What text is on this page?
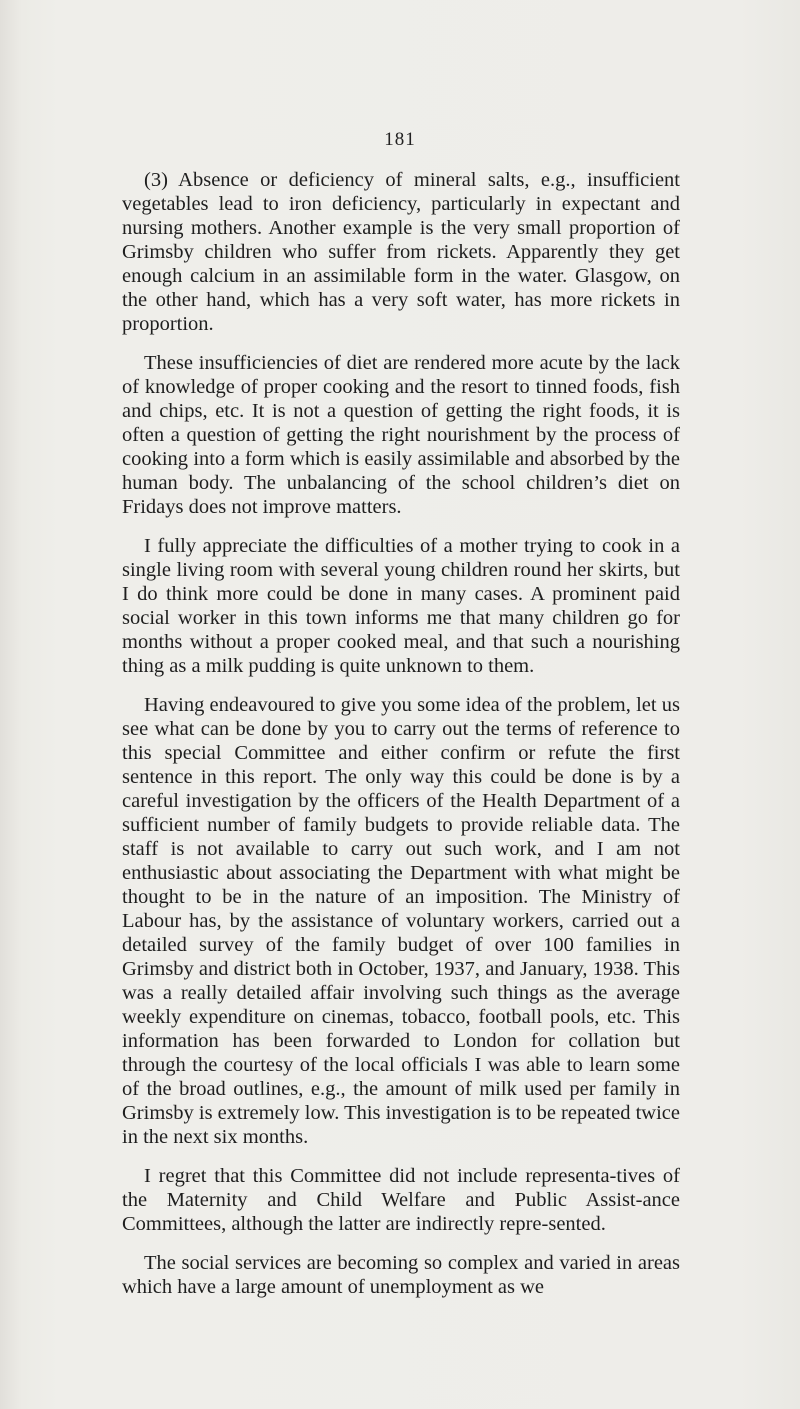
181

(3) Absence or deficiency of mineral salts, e.g., insufficient vegetables lead to iron deficiency, particularly in expectant and nursing mothers. Another example is the very small proportion of Grimsby children who suffer from rickets. Apparently they get enough calcium in an assimilable form in the water. Glasgow, on the other hand, which has a very soft water, has more rickets in proportion.

These insufficiencies of diet are rendered more acute by the lack of knowledge of proper cooking and the resort to tinned foods, fish and chips, etc. It is not a question of getting the right foods, it is often a question of getting the right nourishment by the process of cooking into a form which is easily assimilable and absorbed by the human body. The unbalancing of the school children’s diet on Fridays does not improve matters.

I fully appreciate the difficulties of a mother trying to cook in a single living room with several young children round her skirts, but I do think more could be done in many cases. A prominent paid social worker in this town informs me that many children go for months without a proper cooked meal, and that such a nourishing thing as a milk pudding is quite unknown to them.

Having endeavoured to give you some idea of the problem, let us see what can be done by you to carry out the terms of reference to this special Committee and either confirm or refute the first sentence in this report. The only way this could be done is by a careful investigation by the officers of the Health Department of a sufficient number of family budgets to provide reliable data. The staff is not available to carry out such work, and I am not enthusiastic about associating the Department with what might be thought to be in the nature of an imposition. The Ministry of Labour has, by the assistance of voluntary workers, carried out a detailed survey of the family budget of over 100 families in Grimsby and district both in October, 1937, and January, 1938. This was a really detailed affair involving such things as the average weekly expenditure on cinemas, tobacco, football pools, etc. This information has been forwarded to London for collation but through the courtesy of the local officials I was able to learn some of the broad outlines, e.g., the amount of milk used per family in Grimsby is extremely low. This investigation is to be repeated twice in the next six months.

I regret that this Committee did not include representa-tives of the Maternity and Child Welfare and Public Assist-ance Committees, although the latter are indirectly repre-sented.

The social services are becoming so complex and varied in areas which have a large amount of unemployment as we
